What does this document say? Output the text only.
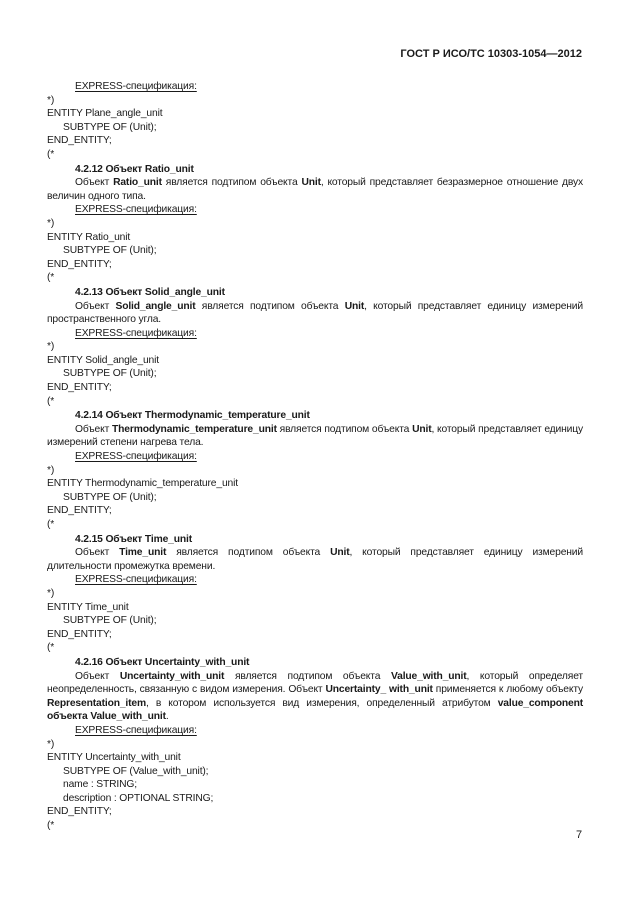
ГОСТ Р ИСО/ТС 10303-1054—2012
EXPRESS-спецификация:
*)
ENTITY Plane_angle_unit
SUBTYPE OF (Unit);
END_ENTITY;
(*
4.2.12 Объект Ratio_unit
Объект Ratio_unit является подтипом объекта Unit, который представляет безразмерное отношение двух величин одного типа.
EXPRESS-спецификация:
*)
ENTITY Ratio_unit
SUBTYPE OF (Unit);
END_ENTITY;
(*
4.2.13 Объект Solid_angle_unit
Объект Solid_angle_unit является подтипом объекта Unit, который представляет единицу измерений пространственного угла.
EXPRESS-спецификация:
*)
ENTITY Solid_angle_unit
SUBTYPE OF (Unit);
END_ENTITY;
(*
4.2.14 Объект Thermodynamic_temperature_unit
Объект Thermodynamic_temperature_unit является подтипом объекта Unit, который представляет единицу измерений степени нагрева тела.
EXPRESS-спецификация:
*)
ENTITY Thermodynamic_temperature_unit
SUBTYPE OF (Unit);
END_ENTITY;
(*
4.2.15 Объект Time_unit
Объект Time_unit является подтипом объекта Unit, который представляет единицу измерений длительности промежутка времени.
EXPRESS-спецификация:
*)
ENTITY Time_unit
SUBTYPE OF (Unit);
END_ENTITY;
(*
4.2.16 Объект Uncertainty_with_unit
Объект Uncertainty_with_unit является подтипом объекта Value_with_unit, который определяет неопределенность, связанную с видом измерения. Объект Uncertainty_ with_unit применяется к любому объекту Representation_item, в котором используется вид измерения, определенный атрибутом value_component объекта Value_with_unit.
EXPRESS-спецификация:
*)
ENTITY Uncertainty_with_unit
SUBTYPE OF (Value_with_unit);
name : STRING;
description : OPTIONAL STRING;
END_ENTITY;
(*
7
